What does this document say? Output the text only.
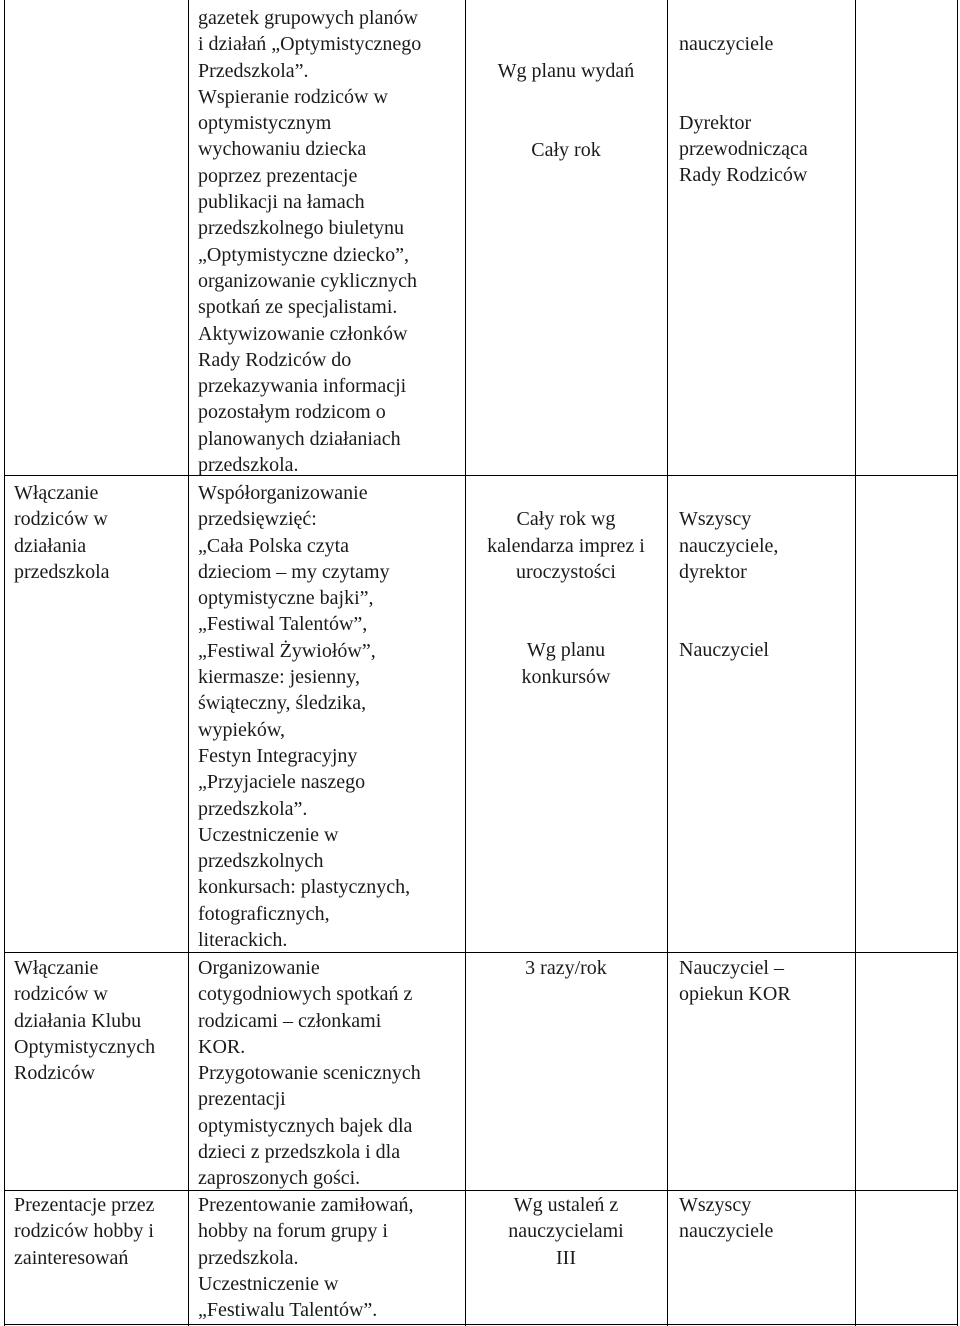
gazetek grupowych planów
i działań „Optymistycznego
Przedszkola”.
Wspieranie rodziców w
optymistycznym
wychowaniu dziecka
poprzez prezentacje
publikacji na łamach
przedszkolnego biuletynu
„Optymistyczne dziecko”,
organizowanie cyklicznych
spotkań ze specjalistami.
Aktywizowanie członków
Rady Rodziców do
przekazywania informacji
pozostałym rodzicom o
planowanych działaniach
przedszkola.

Wg planu wydań

Cały rok

nauczyciele

Dyrektor
przewodnicząca
Rady Rodziców

Włączanie
rodziców w
działania
przedszkola
Współorganizowanie
przedsięwzięć:
„Cała Polska czyta
dzieciom – my czytamy
optymistyczne bajki”,
„Festiwal Talentów”,
„Festiwal Żywiołów”,
kiermasze: jesienny,
świąteczny, śledzika,
wypieków,
Festyn Integracyjny
„Przyjaciele naszego
przedszkola”.
Uczestniczenie w
przedszkolnych
konkursach: plastycznych,
fotograficznych,
literackich.

Cały rok wg
kalendarza imprez i
uroczystości

Wg planu
konkursów

Wszyscy
nauczyciele,
dyrektor

Nauczyciel

Włączanie
rodziców w
działania Klubu
Optymistycznych
Rodziców
Organizowanie
cotygodniowych spotkań z
rodzicami – członkami
KOR.
Przygotowanie scenicznych
prezentacji
optymistycznych bajek dla
dzieci z przedszkola i dla
zaproszonych gości.
3 razy/rok	Nauczyciel –
opiekun KOR
Prezentacje przez
rodziców hobby i
zainteresowań
Prezentowanie zamiłowań,
hobby na forum grupy i
przedszkola.
Uczestniczenie w
„Festiwalu Talentów”.
Wg ustaleń z
nauczycielami
III
Wszyscy
nauczyciele
